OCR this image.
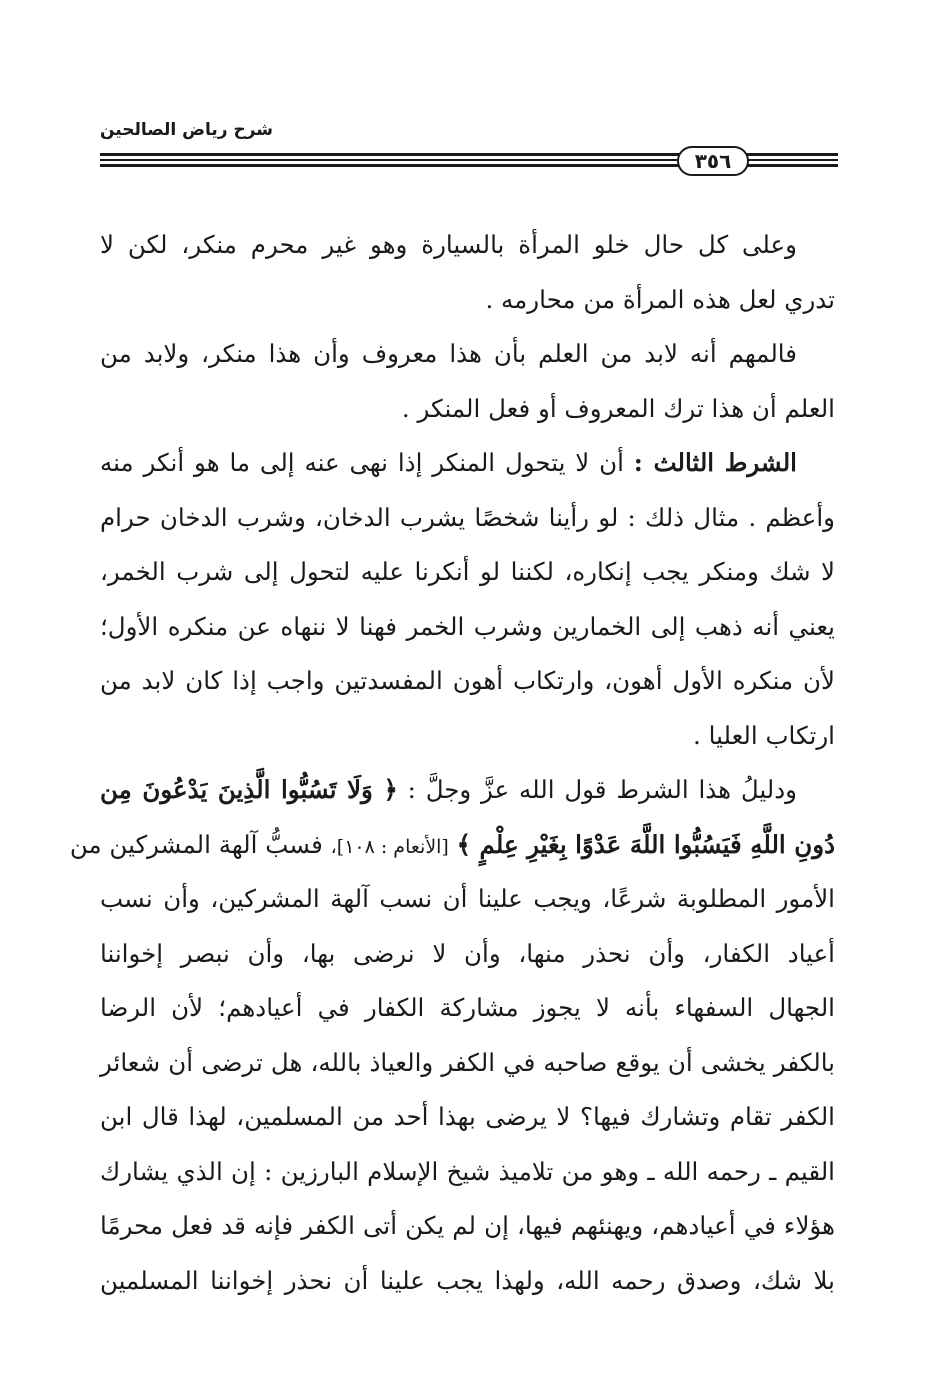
شرح رياض الصالحين
٣٥٦
وعلى كل حال خلو المرأة بالسيارة وهو غير محرم منكر، لكن لا
تدري لعل هذه المرأة من محارمه .
فالمهم أنه لابد من العلم بأن هذا معروف وأن هذا منكر، ولابد من
العلم أن هذا ترك المعروف أو فعل المنكر .
الشرط الثالث : أن لا يتحول المنكر إذا نهى عنه إلى ما هو أنكر منه
وأعظم . مثال ذلك : لو رأينا شخصًا يشرب الدخان، وشرب الدخان حرام
لا شك ومنكر يجب إنكاره، لكننا لو أنكرنا عليه لتحول إلى شرب الخمر،
يعني أنه ذهب إلى الخمارين وشرب الخمر فهنا لا ننهاه عن منكره الأول؛
لأن منكره الأول أهون، وارتكاب أهون المفسدتين واجب إذا كان لابد من
ارتكاب العليا .
ودليلُ هذا الشرط قول الله عزَّ وجلَّ : ﴿ وَلَا تَسُبُّوا الَّذِينَ يَدْعُونَ مِن
دُونِ اللَّهِ فَيَسُبُّوا اللَّهَ عَدْوًا بِغَيْرِ عِلْمٍ ﴾ [الأنعام : ١٠٨]، فسبُّ آلهة المشركين من
الأمور المطلوبة شرعًا، ويجب علينا أن نسب آلهة المشركين، وأن نسب
أعياد الكفار، وأن نحذر منها، وأن لا نرضى بها، وأن نبصر إخواننا
الجهال السفهاء بأنه لا يجوز مشاركة الكفار في أعيادهم؛ لأن الرضا
بالكفر يخشى أن يوقع صاحبه في الكفر والعياذ بالله، هل ترضى أن شعائر
الكفر تقام وتشارك فيها؟ لا يرضى بهذا أحد من المسلمين، لهذا قال ابن
القيم ـ رحمه الله ـ وهو من تلاميذ شيخ الإسلام البارزين : إن الذي يشارك
هؤلاء في أعيادهم، ويهنئهم فيها، إن لم يكن أتى الكفر فإنه قد فعل محرمًا
بلا شك، وصدق رحمه الله، ولهذا يجب علينا أن نحذر إخواننا المسلمين
